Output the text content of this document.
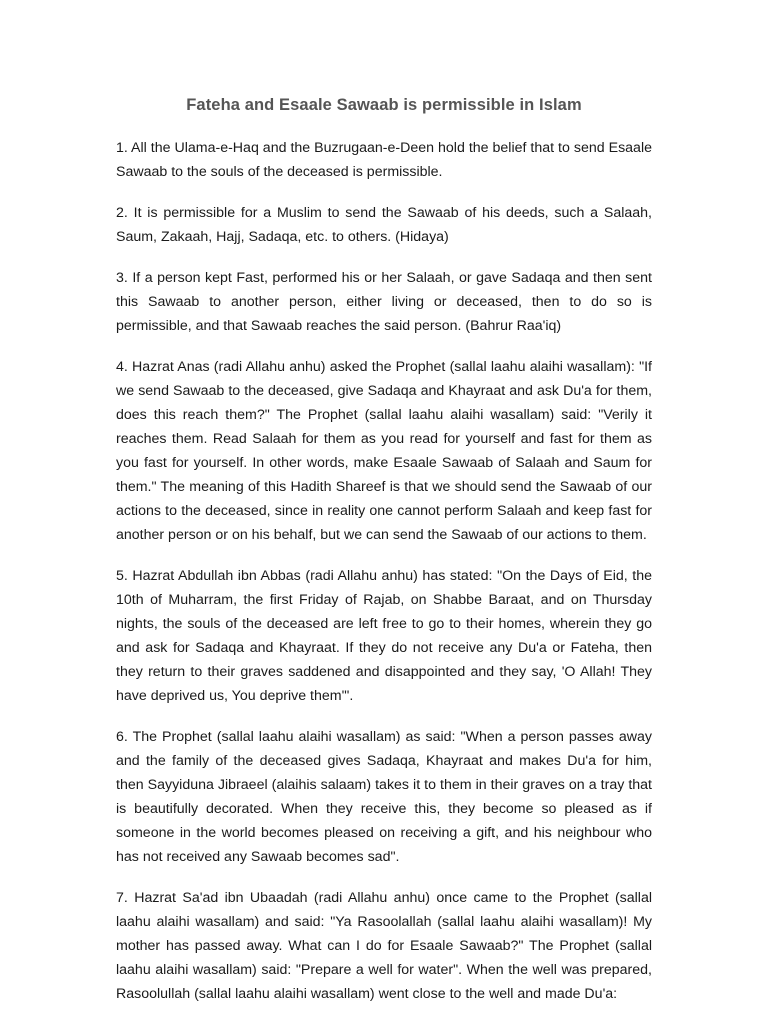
Fateha and Esaale Sawaab is permissible in Islam

1. All the Ulama-e-Haq and the Buzrugaan-e-Deen hold the belief that to send Esaale Sawaab to the souls of the deceased is permissible.

2. It is permissible for a Muslim to send the Sawaab of his deeds, such a Salaah, Saum, Zakaah, Hajj, Sadaqa, etc. to others. (Hidaya)

3. If a person kept Fast, performed his or her Salaah, or gave Sadaqa and then sent this Sawaab to another person, either living or deceased, then to do so is permissible, and that Sawaab reaches the said person. (Bahrur Raa'iq)

4. Hazrat Anas (radi Allahu anhu) asked the Prophet (sallal laahu alaihi wasallam): "If we send Sawaab to the deceased, give Sadaqa and Khayraat and ask Du'a for them, does this reach them?" The Prophet (sallal laahu alaihi wasallam) said: "Verily it reaches them. Read Salaah for them as you read for yourself and fast for them as you fast for yourself. In other words, make Esaale Sawaab of Salaah and Saum for them." The meaning of this Hadith Shareef is that we should send the Sawaab of our actions to the deceased, since in reality one cannot perform Salaah and keep fast for another person or on his behalf, but we can send the Sawaab of our actions to them.

5. Hazrat Abdullah ibn Abbas (radi Allahu anhu) has stated: "On the Days of Eid, the 10th of Muharram, the first Friday of Rajab, on Shabbe Baraat, and on Thursday nights, the souls of the deceased are left free to go to their homes, wherein they go and ask for Sadaqa and Khayraat. If they do not receive any Du'a or Fateha, then they return to their graves saddened and disappointed and they say, 'O Allah! They have deprived us, You deprive them'".

6. The Prophet (sallal laahu alaihi wasallam) as said: "When a person passes away and the family of the deceased gives Sadaqa, Khayraat and makes Du'a for him, then Sayyiduna Jibraeel (alaihis salaam) takes it to them in their graves on a tray that is beautifully decorated. When they receive this, they become so pleased as if someone in the world becomes pleased on receiving a gift, and his neighbour who has not received any Sawaab becomes sad".

7. Hazrat Sa'ad ibn Ubaadah (radi Allahu anhu) once came to the Prophet (sallal laahu alaihi wasallam) and said: "Ya Rasoolallah (sallal laahu alaihi wasallam)! My mother has passed away. What can I do for Esaale Sawaab?" The Prophet (sallal laahu alaihi wasallam) said: "Prepare a well for water". When the well was prepared, Rasoolullah (sallal laahu alaihi wasallam) went close to the well and made Du'a:
